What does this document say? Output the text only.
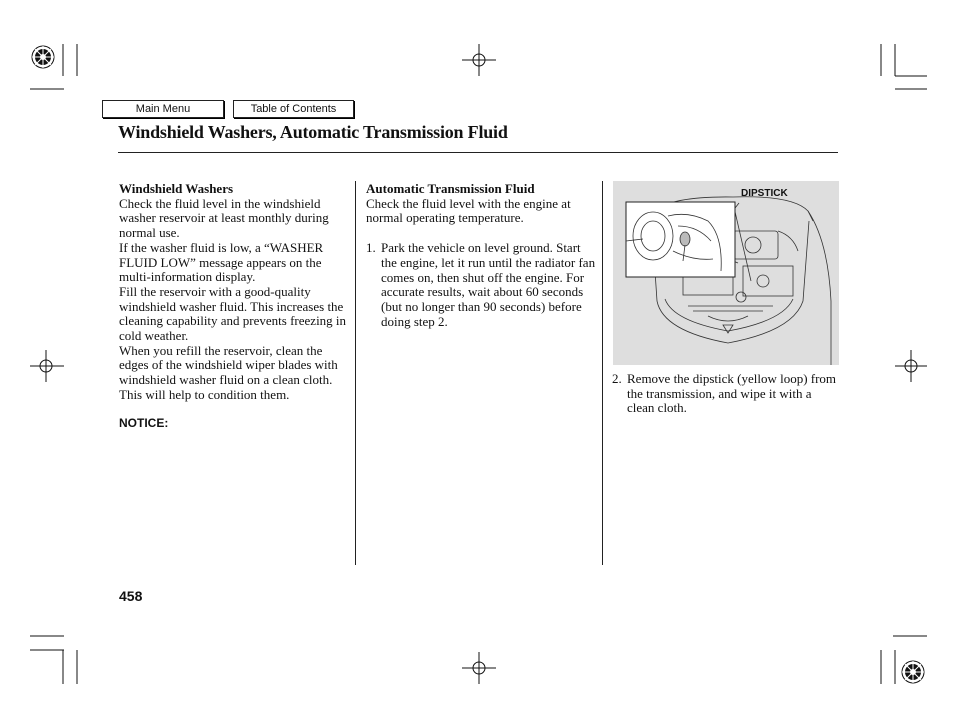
Main Menu	Table of Contents
Windshield Washers, Automatic Transmission Fluid
Windshield Washers
Check the fluid level in the windshield washer reservoir at least monthly during normal use.
If the washer fluid is low, a “WASHER FLUID LOW” message appears on the multi-information display.
Fill the reservoir with a good-quality windshield washer fluid. This increases the cleaning capability and prevents freezing in cold weather.
When you refill the reservoir, clean the edges of the windshield wiper blades with windshield washer fluid on a clean cloth. This will help to condition them.
NOTICE:
Automatic Transmission Fluid
Check the fluid level with the engine at normal operating temperature.
1. Park the vehicle on level ground. Start the engine, let it run until the radiator fan comes on, then shut off the engine. For accurate results, wait about 60 seconds (but no longer than 90 seconds) before doing step 2.
DIPSTICK
2. Remove the dipstick (yellow loop) from the transmission, and wipe it with a clean cloth.
458
